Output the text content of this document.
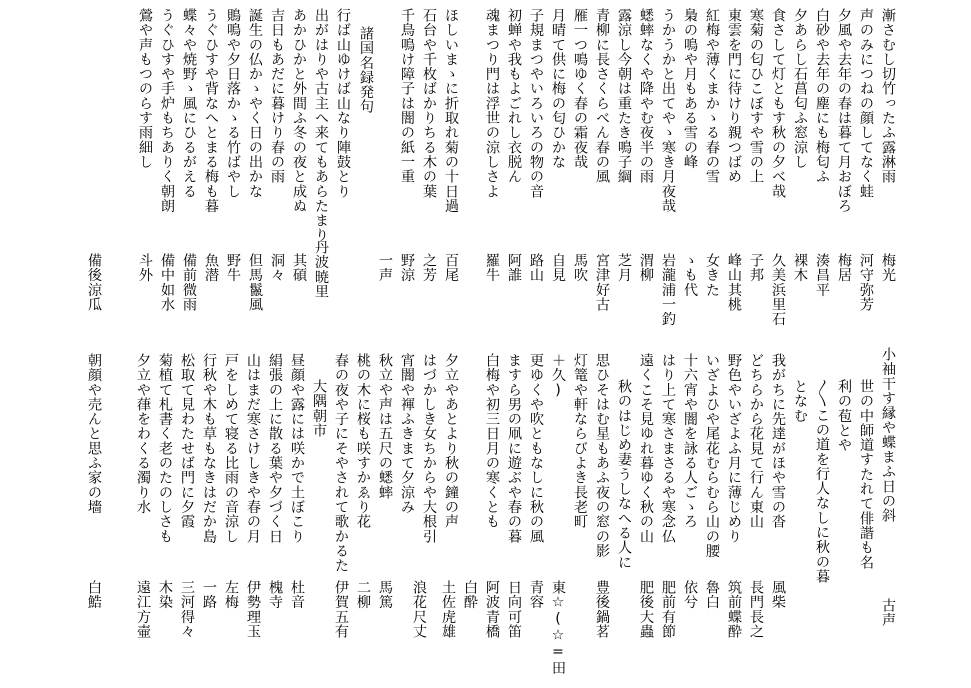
漸さむし切竹ったふ露淋雨
声のみにつねの顔してなく蛙
夕風や去年の春は暮て月おぼろ
白砂や去年の塵にも梅匂ふ
夕あらし石菖匂ふ窓涼し
食さして灯ともす秋の夕べ哉
寒菊の匂ひこぼすや雪の上
東雲を門に待けり親つばめ
紅梅や薄くまかゝる春の雪
梟の鳴や月もある雪の峰
うかうかと出てやゝ寒き月夜哉
蟋蟀なくや降やむ夜半の雨
露涼し今朝は重たき鳴子綱
青柳に長さくらべん春の風
雁一つ鳴ゆく春の霜夜哉
月晴て供に梅の匂ひかな
子規まつやいろいろの物の音
初蝉や我もよごれし衣脱ん
魂まつり門は浮世の涼しさよ
ほしいまゝに折取れ菊の十日過
石台や千枚ばかりちる木の葉
千鳥鳴け障子は闇の紙一重
諸国名録発句
行ば山ゆけば山なり陣鼓とり
出がはりや古主へ来てもあらたまり
あかひかと外間ふ冬の夜と成ぬ
吉日もあだに暮けり春の雨
誕生の仏かゝやく日の出かな
鵙鳴や夕日落かゝる竹ばやし
うぐひすや背なへとまる梅も暮
蝶々や焼野ゝ風にひるがえる
うぐひすや手炉もちありく朝朗
鶯や声もつのらす雨細し
梅光
河守弥芳
梅居
湊昌平
裸木
久美浜里石
子邦
峰山其桃
女きた
ゝも代
岩瀧浦一釣
渭柳
芝月
宮津好古
馬吹
自見
路山
阿誰
羅牛
百尾
之芳
野涼
一声
丹波暁里
其碩
洞々
但馬鬣風
野牛
魚潜
備前微雨
備中如水
斗外
備後涼瓜
小袖干す縁や蝶まふ日の斜
世の中師道すたれて俳諧も名
利の苞とや
〳〵この道を行人なしに秋の暮
となむ
我がちに先達がほや雪の沓
どちらから花見て行ん東山
野色やいざよふ月に薄じめり
いざよひや尾花むらむら山の腰
十六宵や闇を詠る人ごゝろ
はり上て寒さまさるや寒念仏
遠くこそ見ゆれ暮ゆく秋の山
秋のはじめ妻うしなへる人に
思ひそはむ星もあふ夜の窓の影
灯篭や軒ならびよき長老町
＋久)
更ゆくや吹ともなしに秋の風
ますら男の凧に遊ぶや春の暮
白梅や初三日月の寒くとも
夕立やあとより秋の鐘の声
はづかしき女ちからや大根引
宵闇や褌ふきまて夕涼み
秋立や声は五尺の蟋蟀
桃の木に桜も咲すかゑり花
春の夜や子にそやされて歌かるた
大隅朝市
昼顔や露には咲かで土ぼこり
絹張の上に散る葉や夕づく日
山はまだ寒さけしきや春の月
戸をしめて寝る比雨の音涼し
行秋や木も草もなきはだか島
松取て見わたせば門に夕霞
菊植て札書く老のたのしさも
夕立や葎をわくる濁り水
朝顔や売んと思ふ家の墻
古声
風柴
長門長之
筑前蝶酔
魯白
依兮
肥前有節
肥後大蟲
豊後鍋茗
東☆(☆=田
青容
日向可笛
阿波青橋
白酔
土佐虎雄
浪花尺丈
馬篤
二柳
伊賀五有
杜音
槐寺
伊勢理玉
左梅
一路
三河得々
木染
遠江方壷
白鯌
